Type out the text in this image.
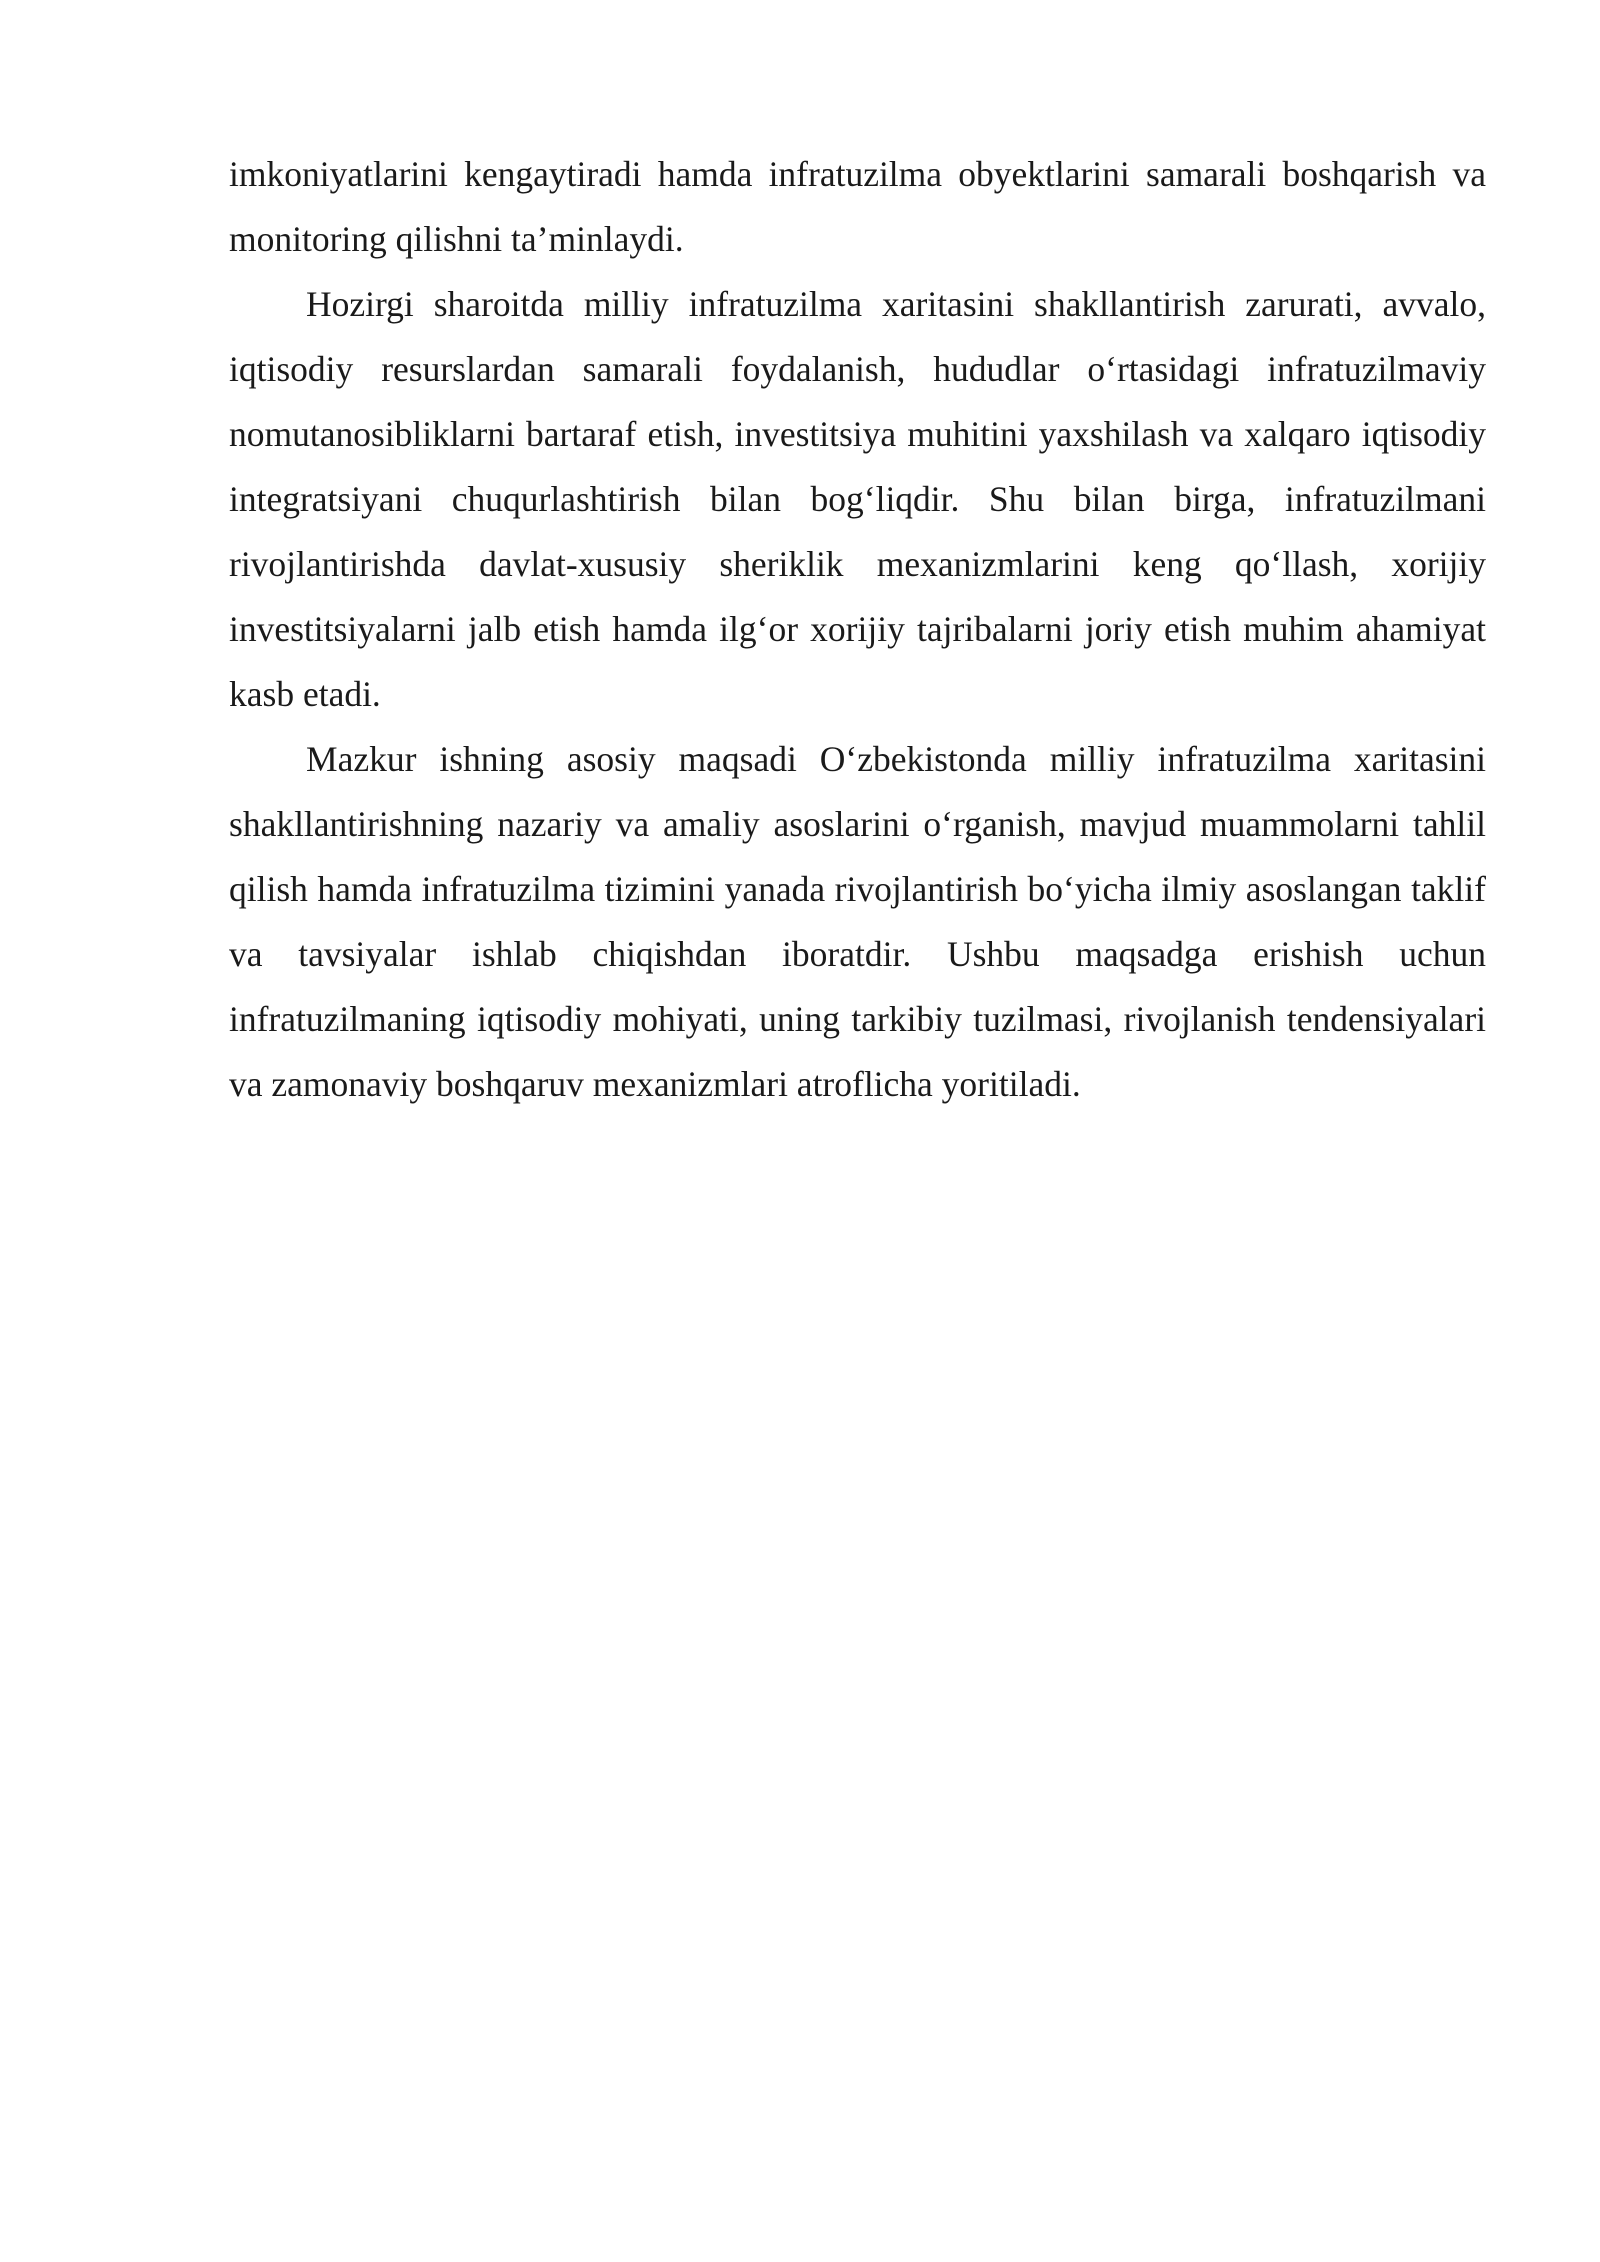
imkoniyatlarini kengaytiradi hamda infratuzilma obyektlarini samarali boshqarish va monitoring qilishni ta’minlaydi.

Hozirgi sharoitda milliy infratuzilma xaritasini shakllantirish zarurati, avvalo, iqtisodiy resurslardan samarali foydalanish, hududlar o‘rtasidagi infratuzilmaviy nomutanosibliklarni bartaraf etish, investitsiya muhitini yaxshilash va xalqaro iqtisodiy integratsiyani chuqurlashtirish bilan bog‘liqdir. Shu bilan birga, infratuzilmani rivojlantirishda davlat-xususiy sheriklik mexanizmlarini keng qo‘llash, xorijiy investitsiyalarni jalb etish hamda ilg‘or xorijiy tajribalarni joriy etish muhim ahamiyat kasb etadi.

Mazkur ishning asosiy maqsadi O‘zbekistonda milliy infratuzilma xaritasini shakllantirishning nazariy va amaliy asoslarini o‘rganish, mavjud muammolarni tahlil qilish hamda infratuzilma tizimini yanada rivojlantirish bo‘yicha ilmiy asoslangan taklif va tavsiyalar ishlab chiqishdan iboratdir. Ushbu maqsadga erishish uchun infratuzilmaning iqtisodiy mohiyati, uning tarkibiy tuzilmasi, rivojlanish tendensiyalari va zamonaviy boshqaruv mexanizmlari atroflicha yoritiladi.
